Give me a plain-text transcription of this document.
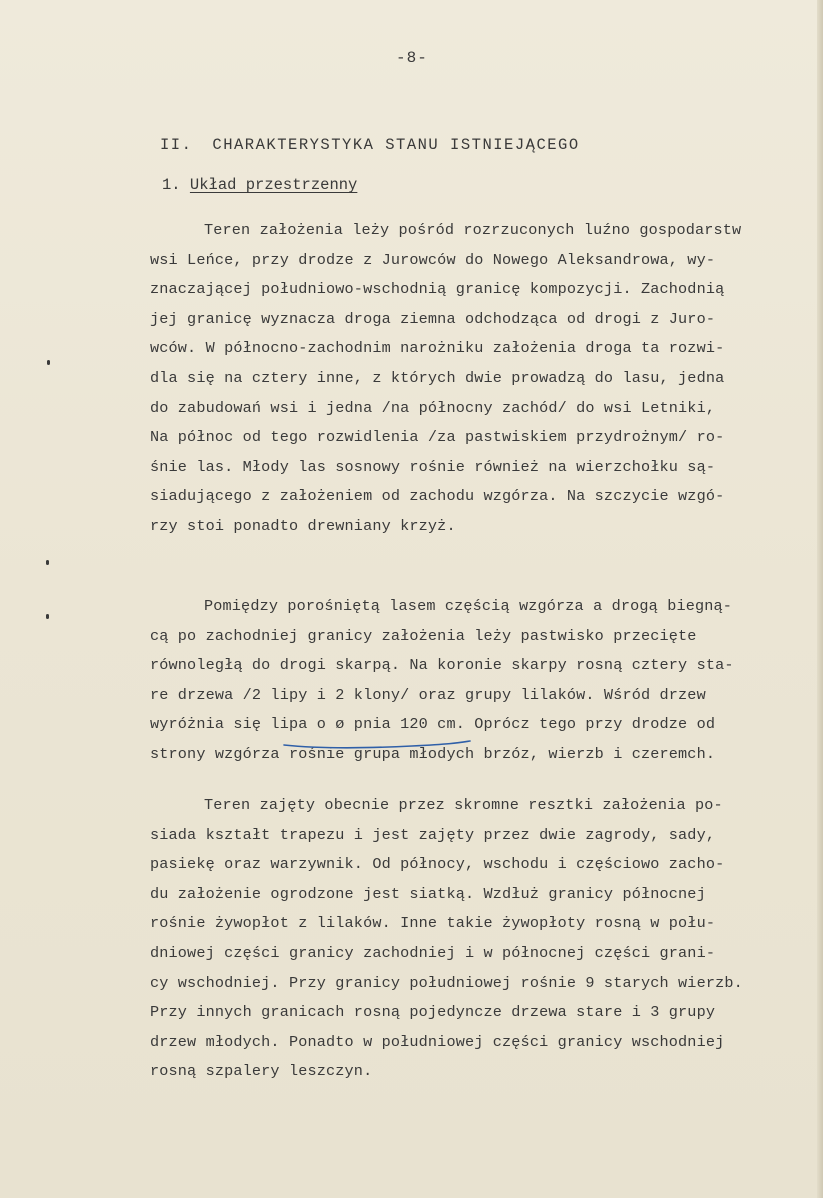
-8-
II. CHARAKTERYSTYKA STANU ISTNIEJĄCEGO
1. Układ przestrzenny
Teren założenia leży pośród rozrzuconych luźno gospodarstw
wsi Leńce, przy drodze z Jurowców do Nowego Aleksandrowa, wy-
znaczającej południowo-wschodnią granicę kompozycji. Zachodnią
jej granicę wyznacza droga ziemna odchodząca od drogi z Juro-
wców. W północno-zachodnim narożniku założenia droga ta rozwi-
dla się na cztery inne, z których dwie prowadzą do lasu, jedna
do zabudowań wsi i jedna /na północny zachód/ do wsi Letniki,
Na północ od tego rozwidlenia /za pastwiskiem przydrożnym/ ro-
śnie las. Młody las sosnowy rośnie również na wierzchołku są-
siadującego z założeniem od zachodu wzgórza. Na szczycie wzgó-
rzy stoi ponadto drewniany krzyż.
Pomiędzy porośniętą lasem częścią wzgórza a drogą biegną-
cą po zachodniej granicy założenia leży pastwisko przecięte
równoległą do drogi skarpą. Na koronie skarpy rosną cztery sta-
re drzewa /2 lipy i 2 klony/ oraz grupy lilaków. Wśród drzew
wyróżnia się lipa o ø pnia 120 cm. Oprócz tego przy drodze od
strony wzgórza rośnie grupa młodych brzóz, wierzb i czeremch.
Teren zajęty obecnie przez skromne resztki założenia po-
siada kształt trapezu i jest zajęty przez dwie zagrody, sady,
pasiekę oraz warzywnik. Od północy, wschodu i częściowo zacho-
du założenie ogrodzone jest siatką. Wzdłuż granicy północnej
rośnie żywopłot z lilaków. Inne takie żywopłoty rosną w połu-
dniowej części granicy zachodniej i w północnej części grani-
cy wschodniej. Przy granicy południowej rośnie 9 starych wierzb.
Przy innych granicach rosną pojedyncze drzewa stare i 3 grupy
drzew młodych. Ponadto w południowej części granicy wschodniej
rosną szpalery leszczyn.
